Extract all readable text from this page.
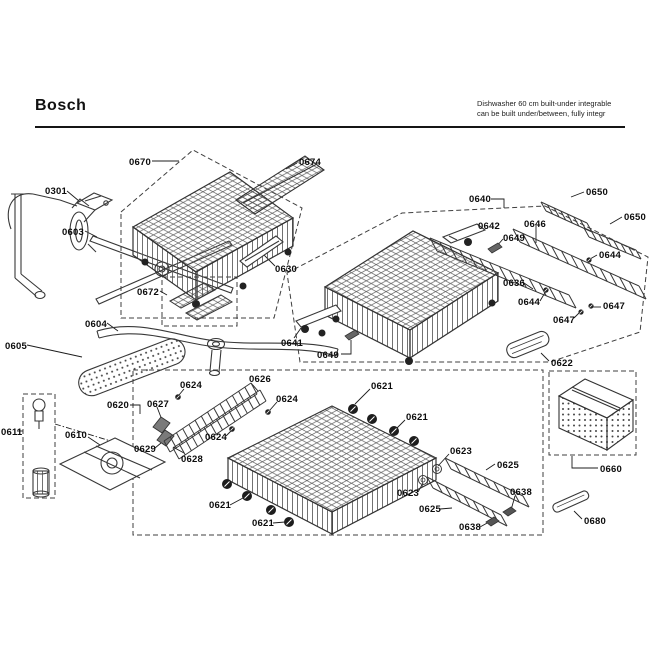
Bosch	Dishwasher 60 cm built-under integrable
can be built under/between, fully integr
0301
0603
0604
0605
0611	0610
0670	0674
0630
0672
0640
0642	0646
0649
0650
0650
0644
0636
0644	0647
0647
0641
0649
0622
0660
0680
0620 0627
0624
0626
0624
0624
0629
0628
0621
0621
0621
0621
0623
0623
0625
0625
0638
0638
